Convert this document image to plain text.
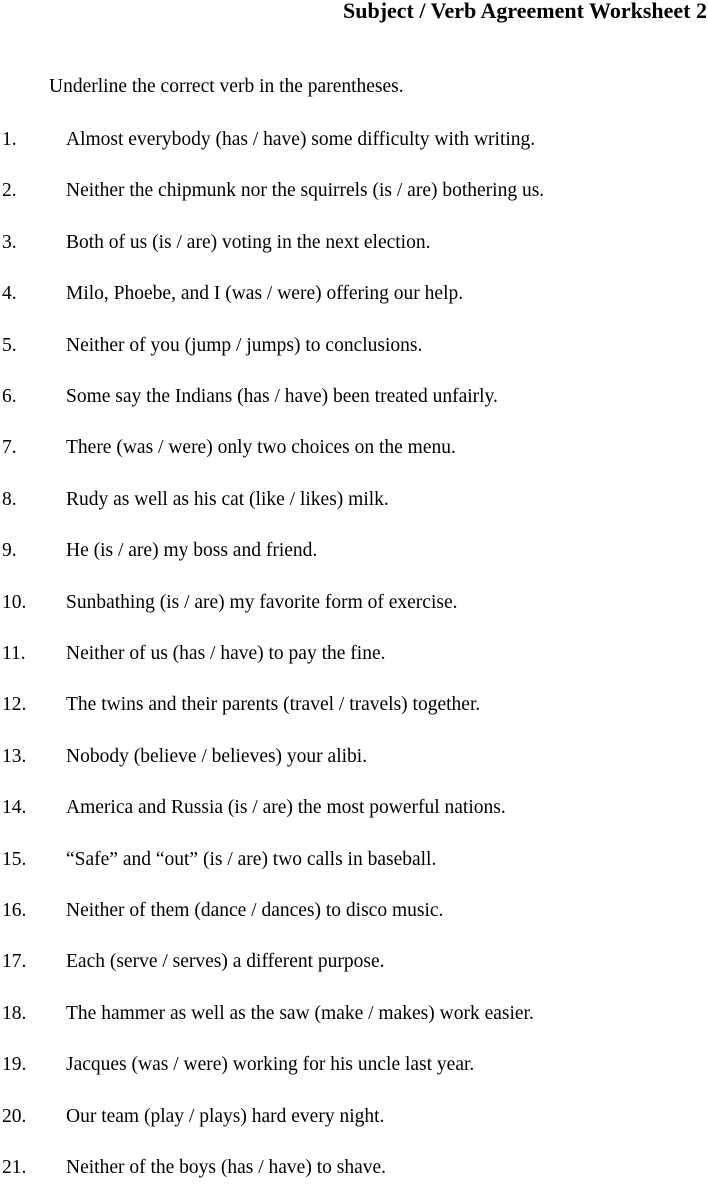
Subject / Verb Agreement Worksheet 2
Underline the correct verb in the parentheses.
1.	Almost everybody (has / have) some difficulty with writing.
2.	Neither the chipmunk nor the squirrels (is / are) bothering us.
3.	Both of us (is / are) voting in the next election.
4.	Milo, Phoebe, and I (was / were) offering our help.
5.	Neither of you (jump / jumps) to conclusions.
6.	Some say the Indians (has / have) been treated unfairly.
7.	There (was / were) only two choices on the menu.
8.	Rudy as well as his cat (like / likes) milk.
9.	He (is / are) my boss and friend.
10.	Sunbathing (is / are) my favorite form of exercise.
11.	Neither of us (has / have) to pay the fine.
12.	The twins and their parents (travel / travels) together.
13.	Nobody (believe / believes) your alibi.
14.	America and Russia (is / are) the most powerful nations.
15.	“Safe” and “out” (is / are) two calls in baseball.
16.	Neither of them (dance / dances) to disco music.
17.	Each (serve / serves) a different purpose.
18.	The hammer as well as the saw (make / makes) work easier.
19.	Jacques (was / were) working for his uncle last year.
20.	Our team (play / plays) hard every night.
21.	Neither of the boys (has / have) to shave.
